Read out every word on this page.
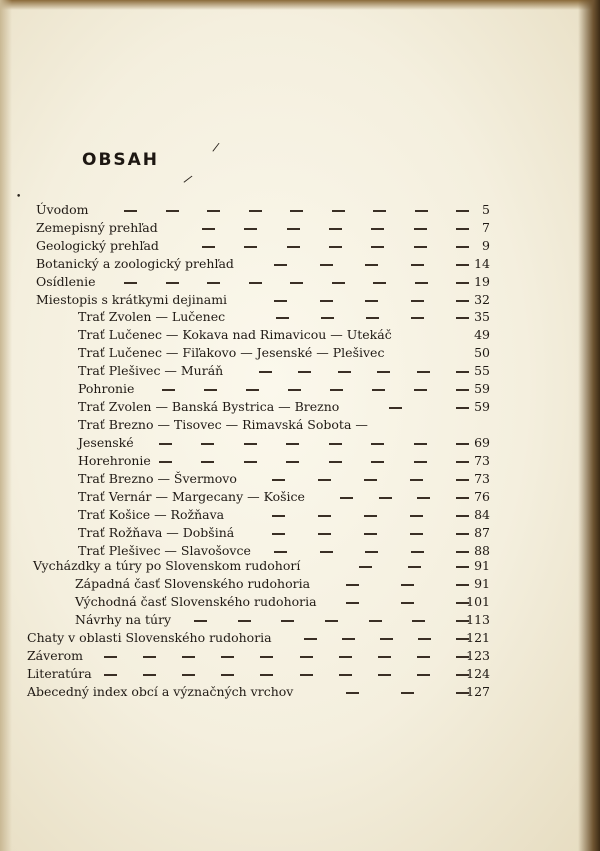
OBSAH
/
/
•
Úvodom	5
Zemepisný prehľad	7
Geologický prehľad	9
Botanický a zoologický prehľad	14
Osídlenie	19
Miestopis s krátkymi dejinami	32
Trať Zvolen — Lučenec	35
Trať Lučenec — Kokava nad Rimavicou — Utekáč	49
Trať Lučenec — Fiľakovo — Jesenské — Plešivec	50
Trať Plešivec — Muráň	55
Pohronie	59
Trať Zvolen — Banská Bystrica — Brezno	59
Trať Brezno — Tisovec — Rimavská Sobota —
Jesenské	69
Horehronie	73
Trať Brezno — Švermovo	73
Trať Vernár — Margecany — Košice	76
Trať Košice — Rožňava	84
Trať Rožňava — Dobšiná	87
Trať Plešivec — Slavošovce	88
Vycházdky a túry po Slovenskom rudohorí	91
Západná časť Slovenského rudohoria	91
Východná časť Slovenského rudohoria	101
Návrhy na túry	113
Chaty v oblasti Slovenského rudohoria	121
Záverom	123
Literatúra	124
Abecedný index obcí a význačných vrchov	127
